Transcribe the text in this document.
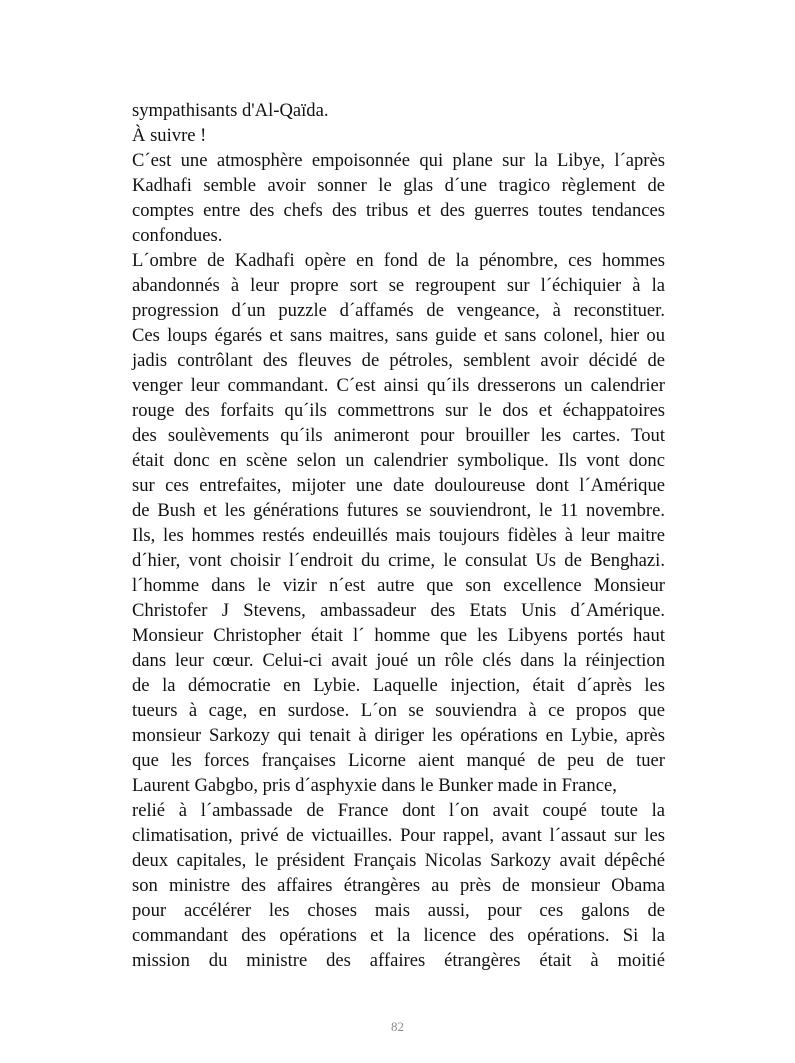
sympathisants d'Al-Qaïda.
À suivre !
C´est une atmosphère empoisonnée qui plane sur la Libye, l´après
Kadhafi semble avoir sonner le glas d´une tragico règlement de
comptes entre des chefs des tribus et des guerres toutes tendances
confondues.
L´ombre de Kadhafi opère en fond de la pénombre, ces hommes
abandonnés à leur propre sort se regroupent sur l´échiquier à la
progression d´un puzzle d´affamés de vengeance, à reconstituer.
Ces loups égarés et sans maitres, sans guide et sans colonel, hier ou
jadis contrôlant des fleuves de pétroles, semblent avoir décidé de
venger leur commandant. C´est ainsi qu´ils dresserons un calendrier
rouge des forfaits qu´ils commettrons sur le dos et échappatoires
des soulèvements qu´ils animeront pour brouiller les cartes. Tout
était donc en scène selon un calendrier symbolique. Ils vont donc
sur ces entrefaites, mijoter une date douloureuse dont l´Amérique
de Bush et les générations futures se souviendront, le 11 novembre.
Ils, les hommes restés endeuillés mais toujours fidèles à leur maitre
d´hier, vont choisir l´endroit du crime, le consulat Us de Benghazi.
l´homme dans le vizir n´est autre que son excellence Monsieur
Christofer J Stevens, ambassadeur des Etats Unis d´Amérique.
Monsieur Christopher était l´ homme que les Libyens portés haut
dans leur cœur. Celui-ci avait joué un rôle clés dans la réinjection
de la démocratie en Lybie. Laquelle injection, était d´après les
tueurs à cage, en surdose. L´on se souviendra à ce propos que
monsieur Sarkozy qui tenait à diriger les opérations en Lybie, après
que les forces françaises Licorne aient manqué de peu de tuer
Laurent Gabgbo, pris d´asphyxie dans le Bunker made in France,
relié à l´ambassade de France dont l´on avait coupé toute la
climatisation, privé de victuailles. Pour rappel, avant l´assaut sur les
deux capitales, le président Français Nicolas Sarkozy avait dépêché
son ministre des affaires étrangères au près de monsieur Obama
pour accélérer les choses mais aussi, pour ces galons de
commandant des opérations et la licence des opérations. Si la
mission du ministre des affaires étrangères était à moitié
82
